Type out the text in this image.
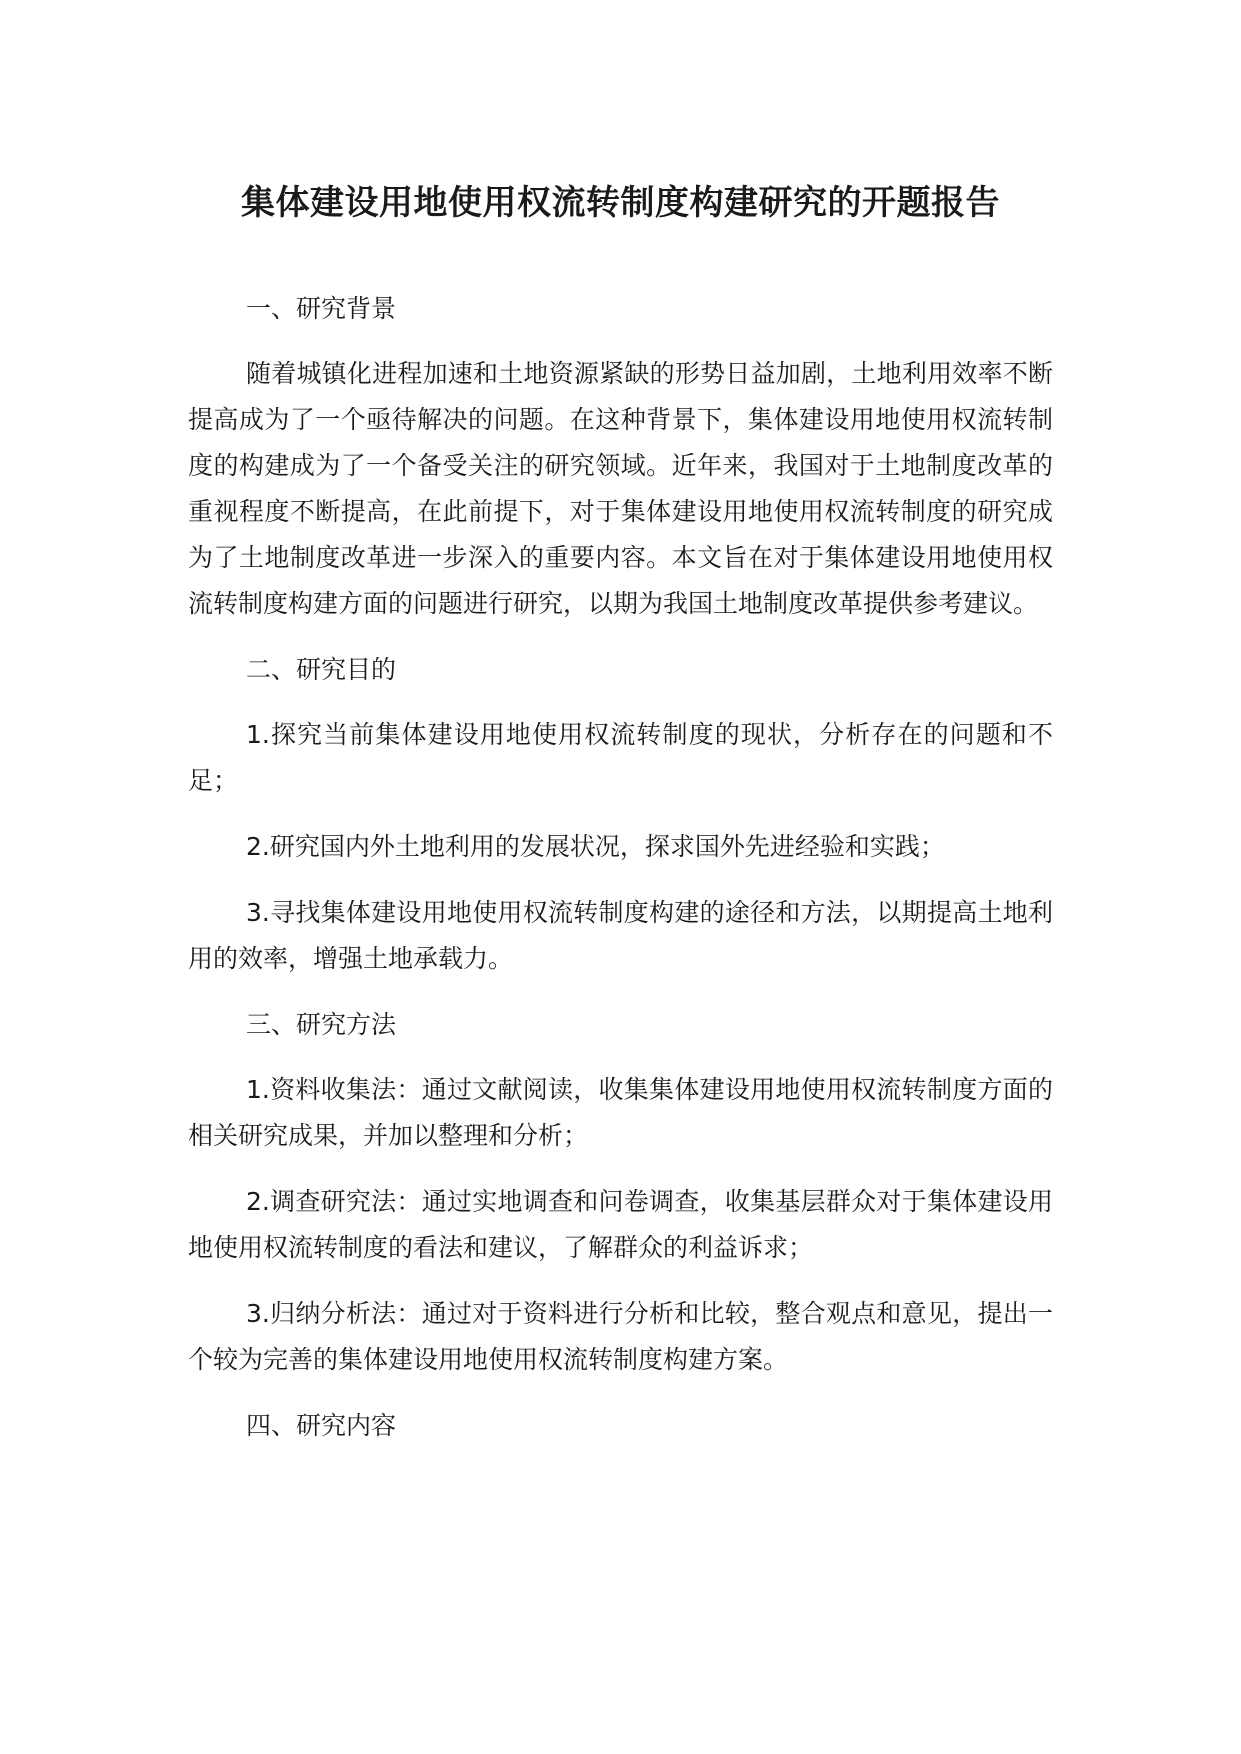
集体建设用地使用权流转制度构建研究的开题报告
一、研究背景
随着城镇化进程加速和土地资源紧缺的形势日益加剧，土地利用效率不断提高成为了一个亟待解决的问题。在这种背景下，集体建设用地使用权流转制度的构建成为了一个备受关注的研究领域。近年来，我国对于土地制度改革的重视程度不断提高，在此前提下，对于集体建设用地使用权流转制度的研究成为了土地制度改革进一步深入的重要内容。本文旨在对于集体建设用地使用权流转制度构建方面的问题进行研究，以期为我国土地制度改革提供参考建议。
二、研究目的
1.探究当前集体建设用地使用权流转制度的现状，分析存在的问题和不足；
2.研究国内外土地利用的发展状况，探求国外先进经验和实践；
3.寻找集体建设用地使用权流转制度构建的途径和方法，以期提高土地利用的效率，增强土地承载力。
三、研究方法
1.资料收集法：通过文献阅读，收集集体建设用地使用权流转制度方面的相关研究成果，并加以整理和分析；
2.调查研究法：通过实地调查和问卷调查，收集基层群众对于集体建设用地使用权流转制度的看法和建议，了解群众的利益诉求；
3.归纳分析法：通过对于资料进行分析和比较，整合观点和意见，提出一个较为完善的集体建设用地使用权流转制度构建方案。
四、研究内容
